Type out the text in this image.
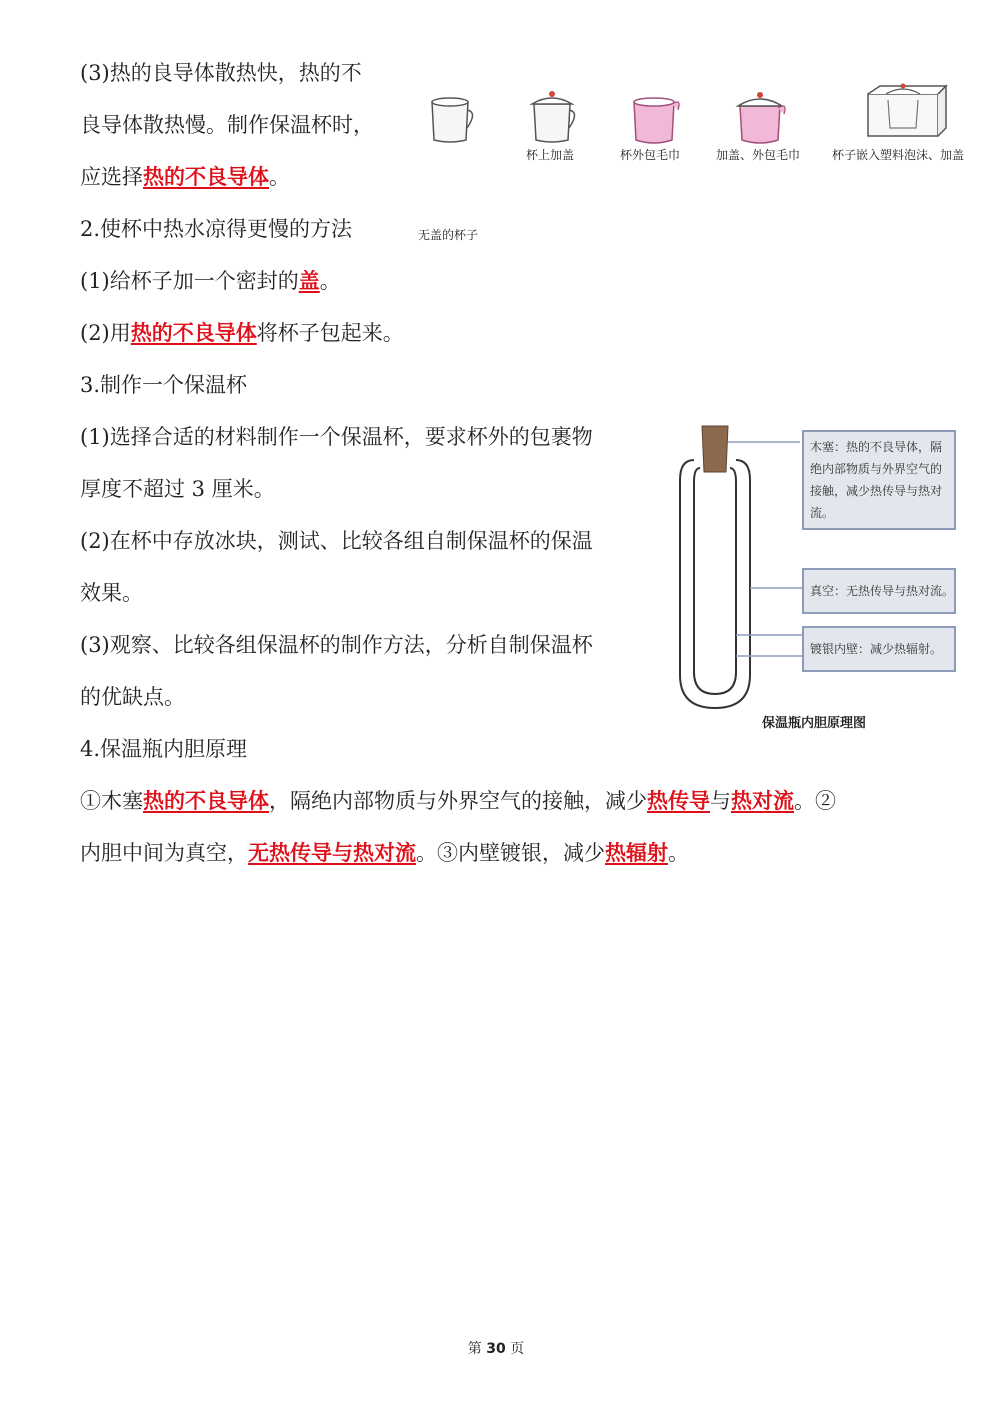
(3)热的良导体散热快，热的不
良导体散热慢。制作保温杯时，
应选择热的不良导体。
2.使杯中热水凉得更慢的方法
(1)给杯子加一个密封的盖。
(2)用热的不良导体将杯子包起来。
3.制作一个保温杯
(1)选择合适的材料制作一个保温杯，要求杯外的包裹物
厚度不超过 3 厘米。
(2)在杯中存放冰块，测试、比较各组自制保温杯的保温
效果。
(3)观察、比较各组保温杯的制作方法，分析自制保温杯
的优缺点。
4.保温瓶内胆原理
①木塞热的不良导体，隔绝内部物质与外界空气的接触，减少热传导与热对流。②
内胆中间为真空，无热传导与热对流。③内壁镀银，减少热辐射。
无盖的杯子
杯上加盖	杯外包毛巾	加盖、外包毛巾	杯子嵌入塑料泡沫、加盖
木塞：热的不良导体，隔绝内部物质与外界空气的接触，减少热传导与热对流。
真空：无热传导与热对流。
镀银内壁：减少热辐射。
保温瓶内胆原理图
第 30 页
